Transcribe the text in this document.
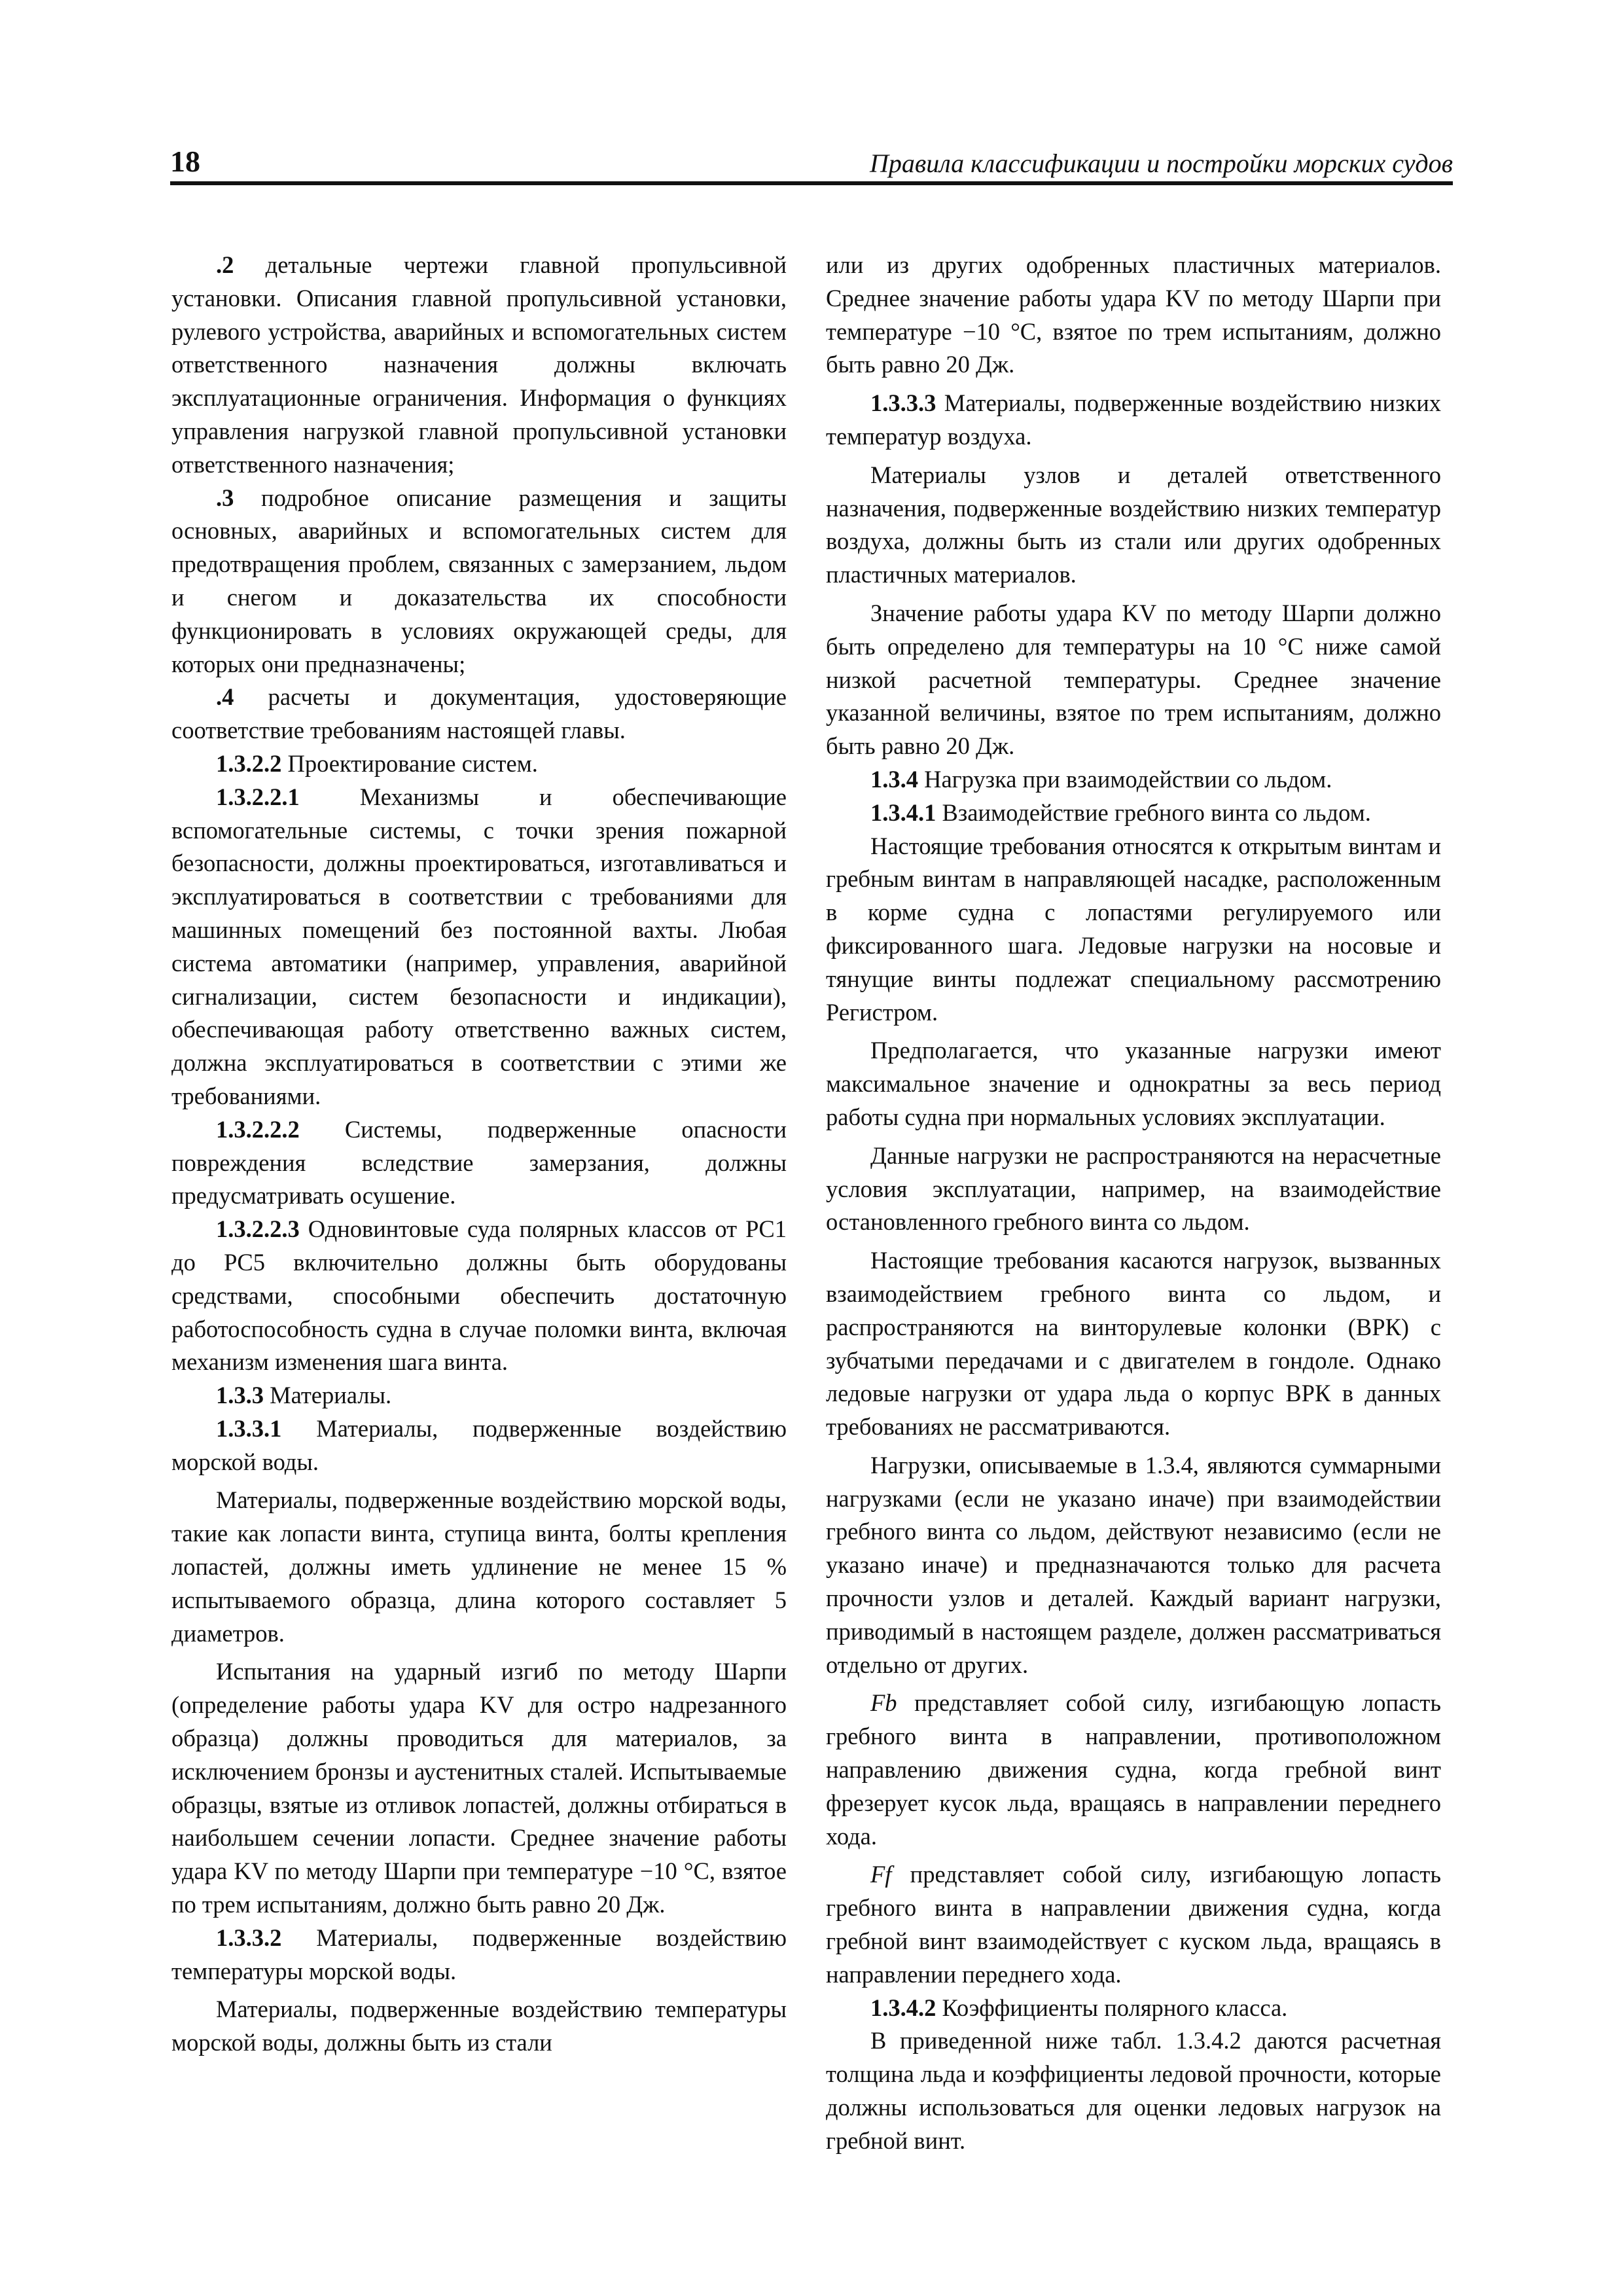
18	Правила классификации и постройки морских судов

.2 детальные чертежи главной пропульсивной установки. Описания главной пропульсивной установки, рулевого устройства, аварийных и вспомогательных систем ответственного назначения должны включать эксплуатационные ограничения. Информация о функциях управления нагрузкой главной пропульсивной установки ответственного назначения;

.3 подробное описание размещения и защиты основных, аварийных и вспомогательных систем для предотвращения проблем, связанных с замерзанием, льдом и снегом и доказательства их способности функционировать в условиях окружающей среды, для которых они предназначены;

.4 расчеты и документация, удостоверяющие соответствие требованиям настоящей главы.

1.3.2.2 Проектирование систем.

1.3.2.2.1 Механизмы и обеспечивающие вспомогательные системы, с точки зрения пожарной безопасности, должны проектироваться, изготавливаться и эксплуатироваться в соответствии с требованиями для машинных помещений без постоянной вахты. Любая система автоматики (например, управления, аварийной сигнализации, систем безопасности и индикации), обеспечивающая работу ответственно важных систем, должна эксплуатироваться в соответствии с этими же требованиями.

1.3.2.2.2 Системы, подверженные опасности повреждения вследствие замерзания, должны предусматривать осушение.

1.3.2.2.3 Одновинтовые суда полярных классов от PC1 до PC5 включительно должны быть оборудованы средствами, способными обеспечить достаточную работоспособность судна в случае поломки винта, включая механизм изменения шага винта.

1.3.3 Материалы.

1.3.3.1 Материалы, подверженные воздействию морской воды.

Материалы, подверженные воздействию морской воды, такие как лопасти винта, ступица винта, болты крепления лопастей, должны иметь удлинение не менее 15 % испытываемого образца, длина которого составляет 5 диаметров.

Испытания на ударный изгиб по методу Шарпи (определение работы удара KV для остро надрезанного образца) должны проводиться для материалов, за исключением бронзы и аустенитных сталей. Испытываемые образцы, взятые из отливок лопастей, должны отбираться в наибольшем сечении лопасти. Среднее значение работы удара KV по методу Шарпи при температуре −10 °С, взятое по трем испытаниям, должно быть равно 20 Дж.

1.3.3.2 Материалы, подверженные воздействию температуры морской воды.

Материалы, подверженные воздействию температуры морской воды, должны быть из стали

или из других одобренных пластичных материалов. Среднее значение работы удара KV по методу Шарпи при температуре −10 °С, взятое по трем испытаниям, должно быть равно 20 Дж.

1.3.3.3 Материалы, подверженные воздействию низких температур воздуха.

Материалы узлов и деталей ответственного назначения, подверженные воздействию низких температур воздуха, должны быть из стали или других одобренных пластичных материалов.

Значение работы удара KV по методу Шарпи должно быть определено для температуры на 10 °С ниже самой низкой расчетной температуры. Среднее значение указанной величины, взятое по трем испытаниям, должно быть равно 20 Дж.

1.3.4 Нагрузка при взаимодействии со льдом.

1.3.4.1 Взаимодействие гребного винта со льдом.

Настоящие требования относятся к открытым винтам и гребным винтам в направляющей насадке, расположенным в корме судна с лопастями регулируемого или фиксированного шага. Ледовые нагрузки на носовые и тянущие винты подлежат специальному рассмотрению Регистром.

Предполагается, что указанные нагрузки имеют максимальное значение и однократны за весь период работы судна при нормальных условиях эксплуатации.

Данные нагрузки не распространяются на нерасчетные условия эксплуатации, например, на взаимодействие остановленного гребного винта со льдом.

Настоящие требования касаются нагрузок, вызванных взаимодействием гребного винта со льдом, и распространяются на винторулевые колонки (ВРК) с зубчатыми передачами и с двигателем в гондоле. Однако ледовые нагрузки от удара льда о корпус ВРК в данных требованиях не рассматриваются.

Нагрузки, описываемые в 1.3.4, являются суммарными нагрузками (если не указано иначе) при взаимодействии гребного винта со льдом, действуют независимо (если не указано иначе) и предназначаются только для расчета прочности узлов и деталей. Каждый вариант нагрузки, приводимый в настоящем разделе, должен рассматриваться отдельно от других.

Fb представляет собой силу, изгибающую лопасть гребного винта в направлении, противоположном направлению движения судна, когда гребной винт фрезерует кусок льда, вращаясь в направлении переднего хода.

Ff представляет собой силу, изгибающую лопасть гребного винта в направлении движения судна, когда гребной винт взаимодействует с куском льда, вращаясь в направлении переднего хода.

1.3.4.2 Коэффициенты полярного класса.

В приведенной ниже табл. 1.3.4.2 даются расчетная толщина льда и коэффициенты ледовой прочности, которые должны использоваться для оценки ледовых нагрузок на гребной винт.
